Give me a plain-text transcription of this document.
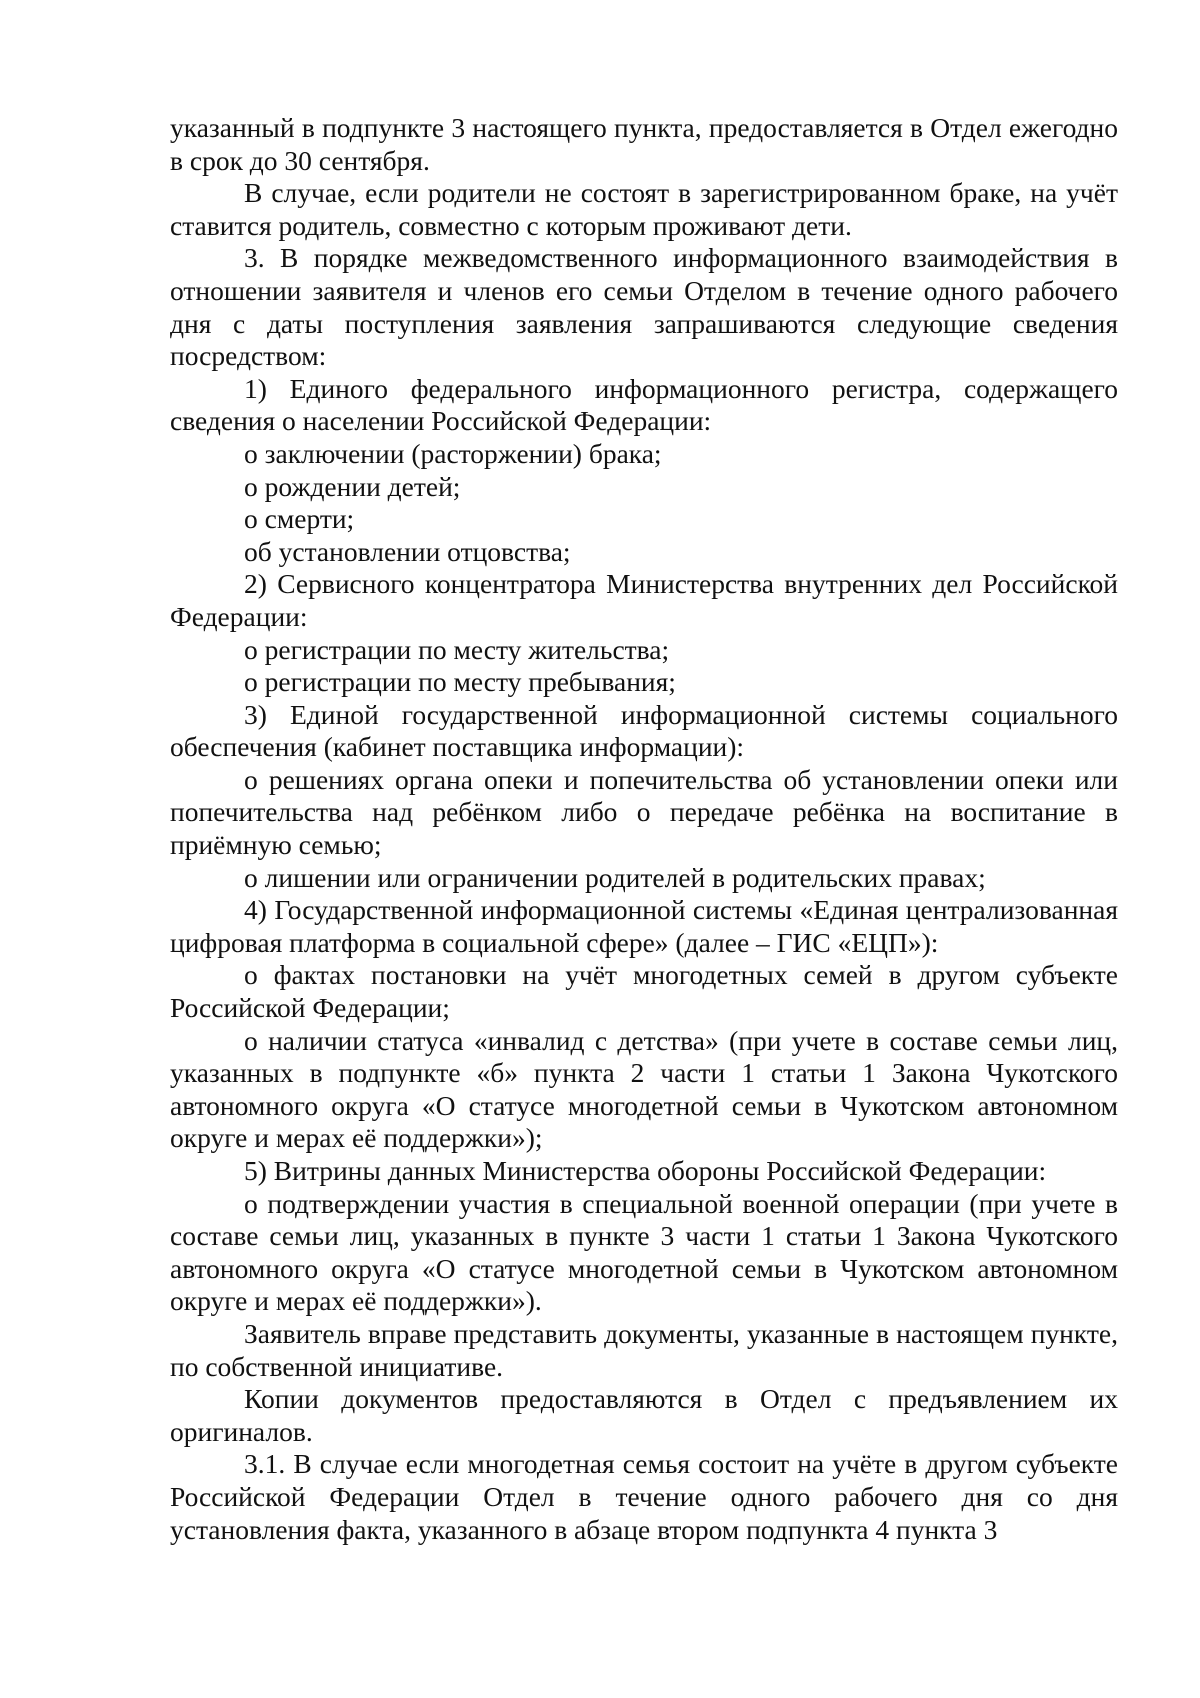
указанный в подпункте 3 настоящего пункта, предоставляется в Отдел ежегодно в срок до 30 сентября.

В случае, если родители не состоят в зарегистрированном браке, на учёт ставится родитель, совместно с которым проживают дети.

3. В порядке межведомственного информационного взаимодействия в отношении заявителя и членов его семьи Отделом в течение одного рабочего дня с даты поступления заявления запрашиваются следующие сведения посредством:

1) Единого федерального информационного регистра, содержащего сведения о населении Российской Федерации:

о заключении (расторжении) брака;

о рождении детей;

о смерти;

об установлении отцовства;

2) Сервисного концентратора Министерства внутренних дел Российской Федерации:

о регистрации по месту жительства;

о регистрации по месту пребывания;

3) Единой государственной информационной системы социального обеспечения (кабинет поставщика информации):

о решениях органа опеки и попечительства об установлении опеки или попечительства над ребёнком либо о передаче ребёнка на воспитание в приёмную семью;

о лишении или ограничении родителей в родительских правах;

4) Государственной информационной системы «Единая централизованная цифровая платформа в социальной сфере» (далее – ГИС «ЕЦП»):

о фактах постановки на учёт многодетных семей в другом субъекте Российской Федерации;

о наличии статуса «инвалид с детства» (при учете в составе семьи лиц, указанных в подпункте «б» пункта 2 части 1 статьи 1 Закона Чукотского автономного округа «О статусе многодетной семьи в Чукотском автономном округе и мерах её поддержки»);

5) Витрины данных Министерства обороны Российской Федерации:

о подтверждении участия в специальной военной операции (при учете в составе семьи лиц, указанных в пункте 3 части 1 статьи 1 Закона Чукотского автономного округа «О статусе многодетной семьи в Чукотском автономном округе и мерах её поддержки»).

Заявитель вправе представить документы, указанные в настоящем пункте, по собственной инициативе.

Копии документов предоставляются в Отдел с предъявлением их оригиналов.

3.1. В случае если многодетная семья состоит на учёте в другом субъекте Российской Федерации Отдел в течение одного рабочего дня со дня установления факта, указанного в абзаце втором подпункта 4 пункта 3
